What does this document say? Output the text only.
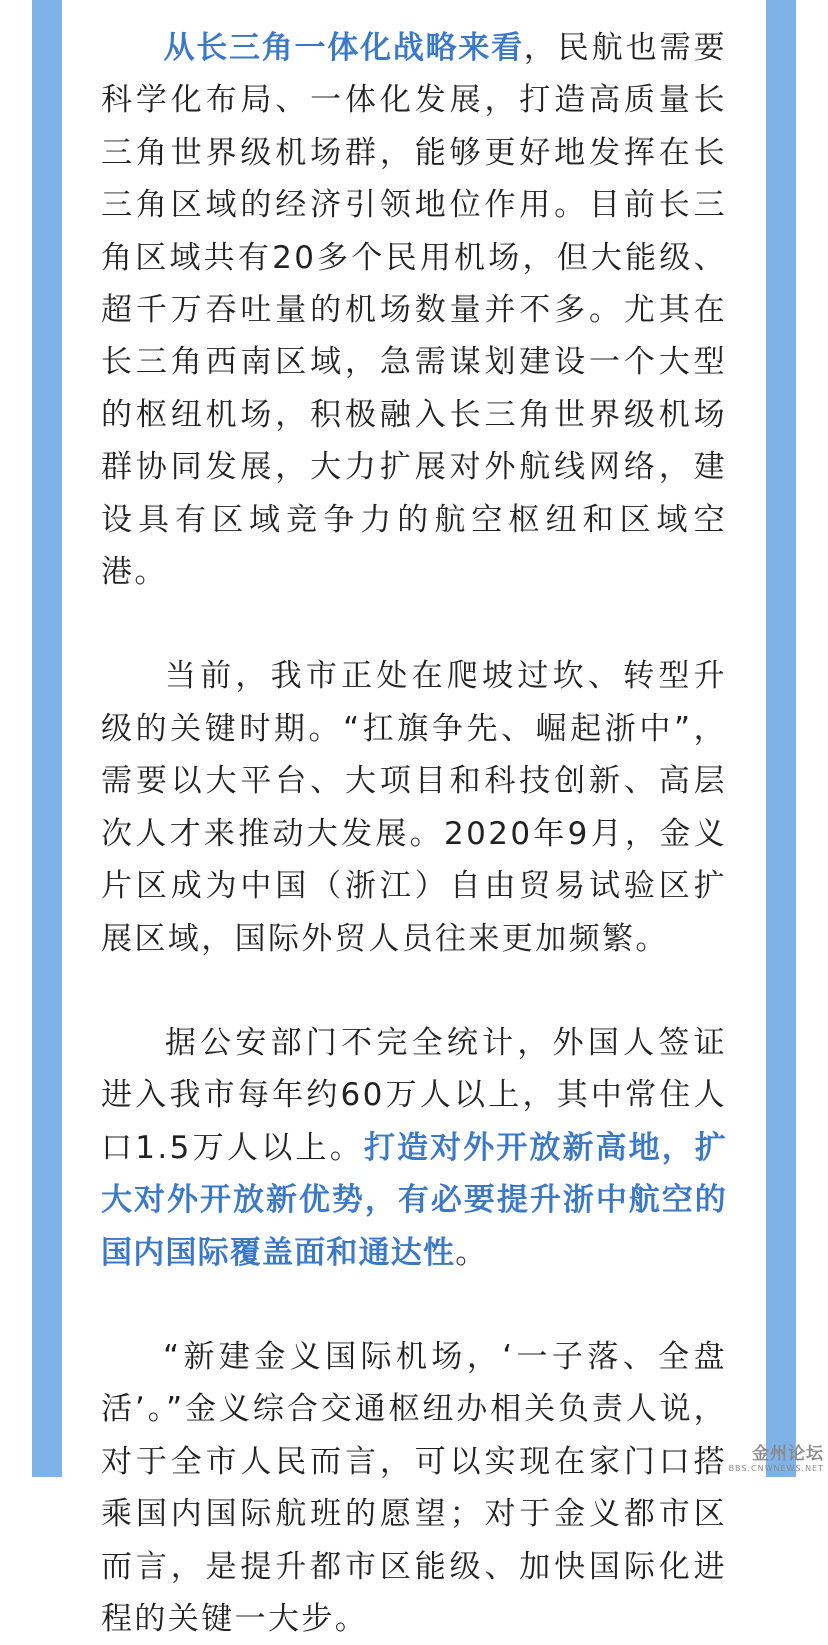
从长三角一体化战略来看，民航也需要科学化布局、一体化发展，打造高质量长三角世界级机场群，能够更好地发挥在长三角区域的经济引领地位作用。目前长三角区域共有20多个民用机场，但大能级、超千万吞吐量的机场数量并不多。尤其在长三角西南区域，急需谋划建设一个大型的枢纽机场，积极融入长三角世界级机场群协同发展，大力扩展对外航线网络，建设具有区域竞争力的航空枢纽和区域空港。

当前，我市正处在爬坡过坎、转型升级的关键时期。“扛旗争先、崛起浙中”，需要以大平台、大项目和科技创新、高层次人才来推动大发展。2020年9月，金义片区成为中国（浙江）自由贸易试验区扩展区域，国际外贸人员往来更加频繁。

据公安部门不完全统计，外国人签证进入我市每年约60万人以上，其中常住人口1.5万人以上。打造对外开放新高地，扩大对外开放新优势，有必要提升浙中航空的国内国际覆盖面和通达性。

“新建金义国际机场，‘一子落、全盘活’。”金义综合交通枢纽办相关负责人说，对于全市人民而言，可以实现在家门口搭乘国内国际航班的愿望；对于金义都市区而言，是提升都市区能级、加快国际化进程的关键一大步。

金州论坛
BBS.CNWNEWS.NET
